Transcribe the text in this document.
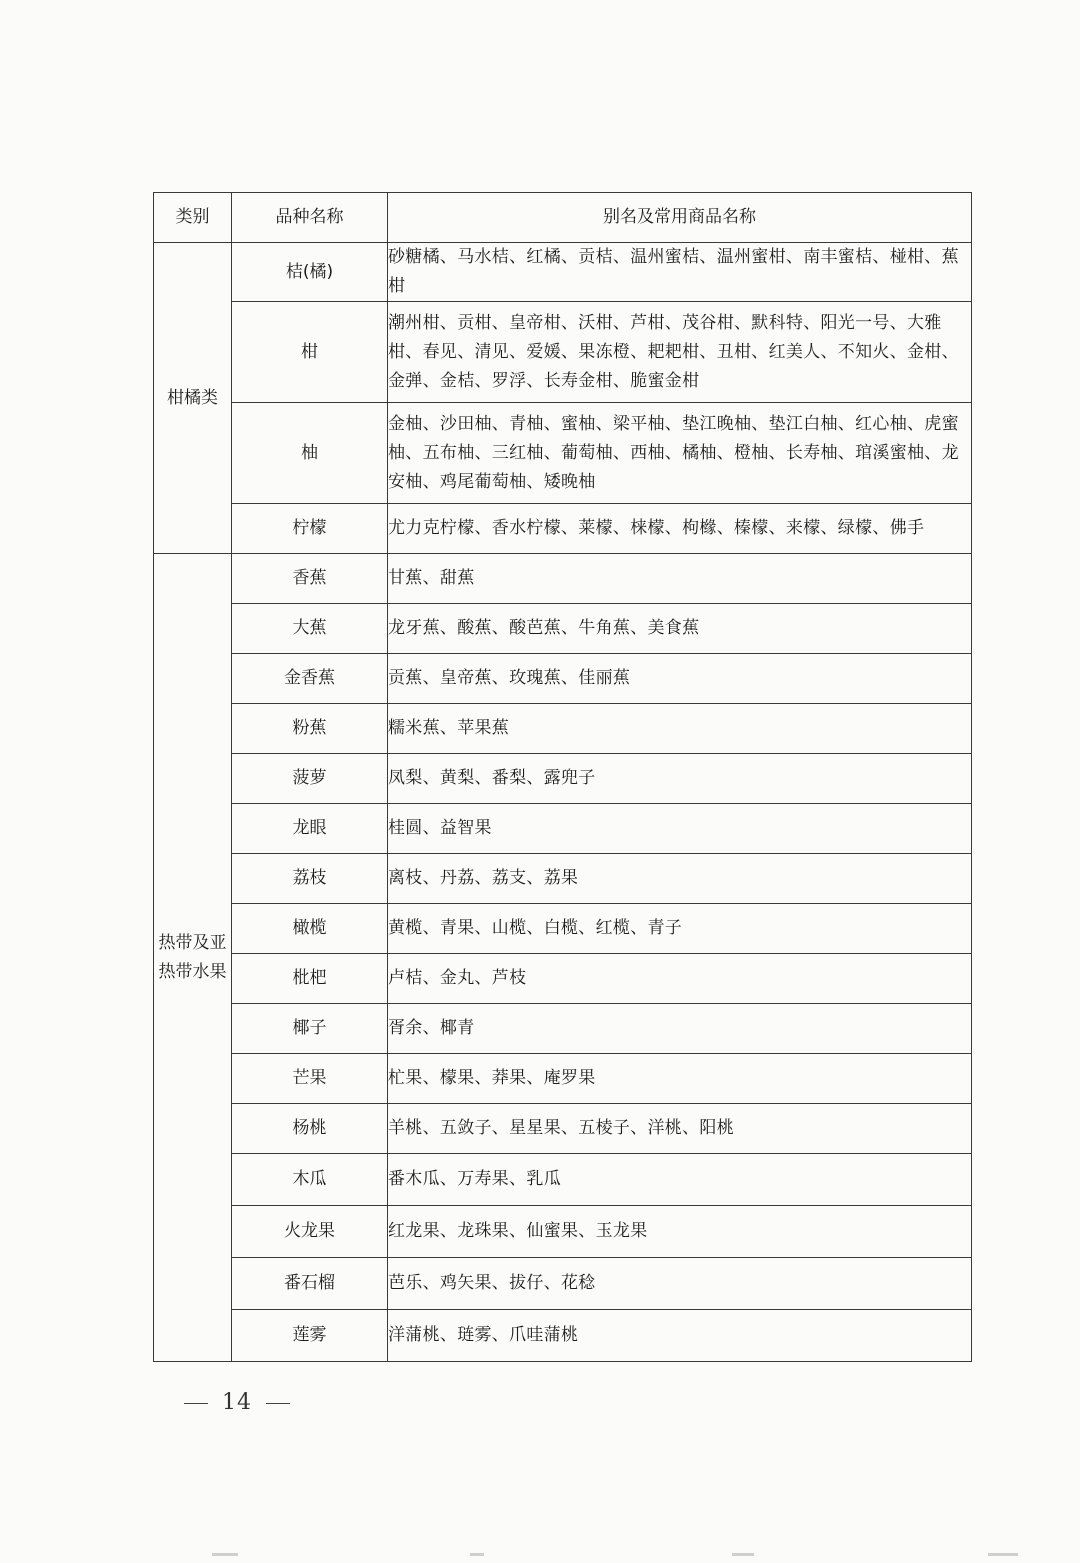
类别	品种名称	别名及常用商品名称
柑橘类	桔(橘)	砂糖橘、马水桔、红橘、贡桔、温州蜜桔、温州蜜柑、南丰蜜桔、椪柑、蕉柑
	柑	潮州柑、贡柑、皇帝柑、沃柑、芦柑、茂谷柑、默科特、阳光一号、大雅柑、春见、清见、爱媛、果冻橙、耙耙柑、丑柑、红美人、不知火、金柑、金弹、金桔、罗浮、长寿金柑、脆蜜金柑
	柚	金柚、沙田柚、青柚、蜜柚、梁平柚、垫江晚柚、垫江白柚、红心柚、虎蜜柚、五布柚、三红柚、葡萄柚、西柚、橘柚、橙柚、长寿柚、琯溪蜜柚、龙安柚、鸡尾葡萄柚、矮晚柚
	柠檬	尤力克柠檬、香水柠檬、莱檬、梾檬、枸橼、榛檬、来檬、绿檬、佛手
热带及亚热带水果	香蕉	甘蕉、甜蕉
	大蕉	龙牙蕉、酸蕉、酸芭蕉、牛角蕉、美食蕉
	金香蕉	贡蕉、皇帝蕉、玫瑰蕉、佳丽蕉
	粉蕉	糯米蕉、苹果蕉
	菠萝	凤梨、黄梨、番梨、露兜子
	龙眼	桂圆、益智果
	荔枝	离枝、丹荔、荔支、荔果
	橄榄	黄榄、青果、山榄、白榄、红榄、青子
	枇杷	卢桔、金丸、芦枝
	椰子	胥余、椰青
	芒果	杧果、檬果、莽果、庵罗果
	杨桃	羊桃、五敛子、星星果、五棱子、洋桃、阳桃
	木瓜	番木瓜、万寿果、乳瓜
	火龙果	红龙果、龙珠果、仙蜜果、玉龙果
	番石榴	芭乐、鸡矢果、拔仔、花稔
	莲雾	洋蒲桃、琏雾、爪哇蒲桃
14
